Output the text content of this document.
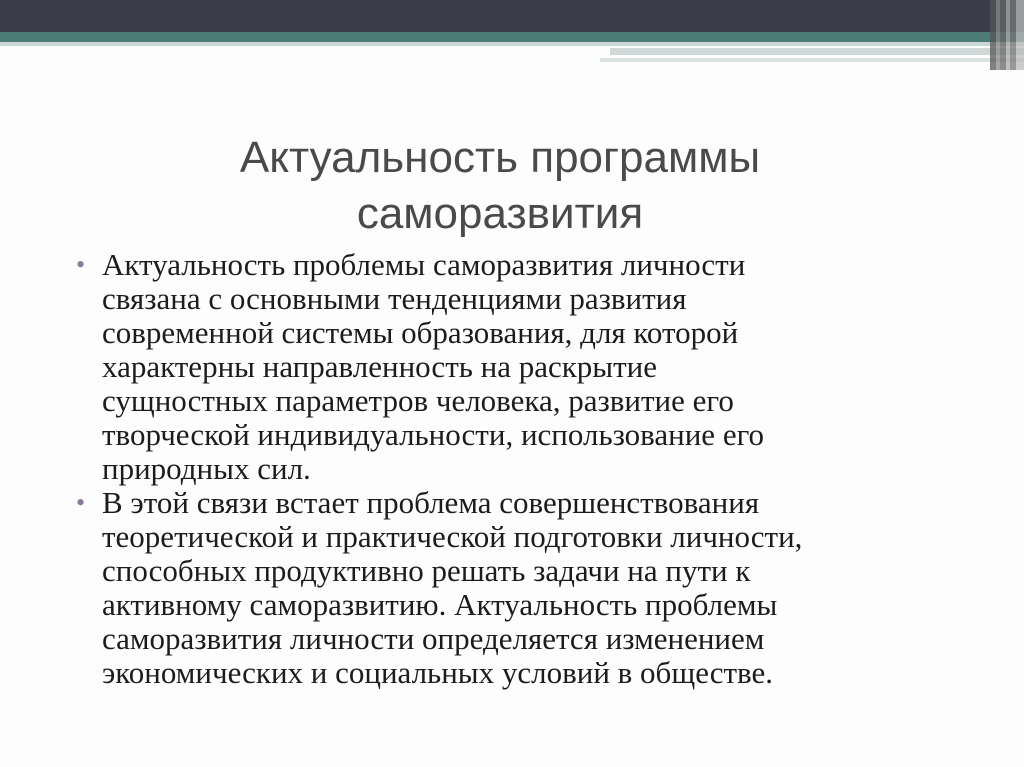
Актуальность программы
саморазвития
• Актуальность проблемы саморазвития личности
связана с основными тенденциями развития
современной системы образования, для которой
характерны направленность на раскрытие
сущностных параметров человека, развитие его
творческой индивидуальности, использование его
природных сил.
• В этой связи встает проблема совершенствования
теоретической и практической подготовки личности,
способных продуктивно решать задачи на пути к
активному саморазвитию. Актуальность проблемы
саморазвития личности определяется изменением
экономических и социальных условий в обществе.
